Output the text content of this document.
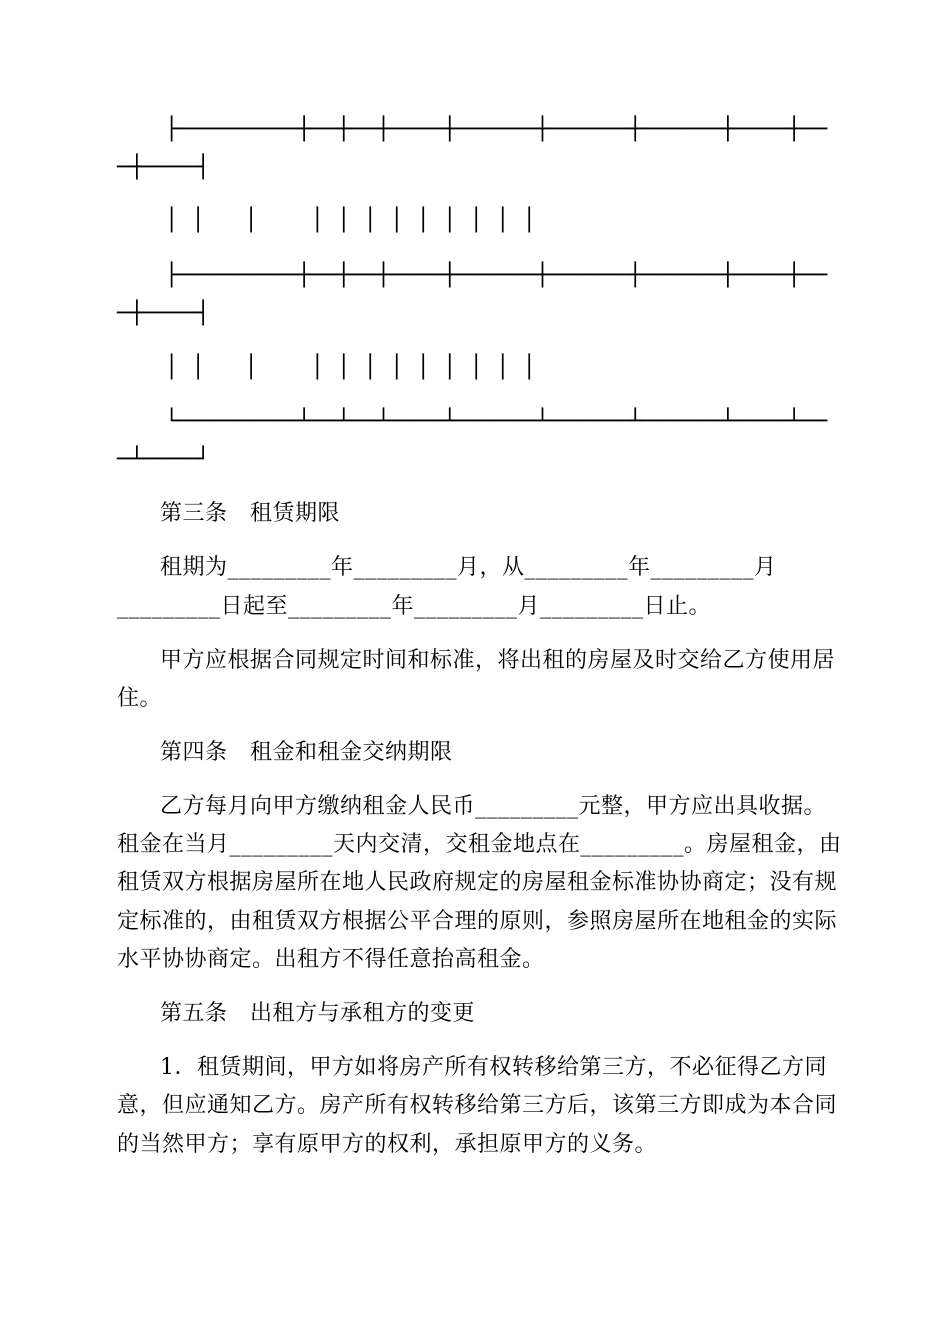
├─────────┼──┼──┼────┼──────┼──────┼──────┼────┼──
─┼────┤
│ │   │    │ │ │ │ │ │ │ │ │
├─────────┼──┼──┼────┼──────┼──────┼──────┼────┼──
─┼────┤
│ │   │    │ │ │ │ │ │ │ │ │
└─────────┴──┴──┴────┴──────┴──────┴──────┴────┴──
─┴────┘
第三条　租赁期限
租期为_________年_________月，从_________年_________月
_________日起至_________年_________月_________日止。
甲方应根据合同规定时间和标准，将出租的房屋及时交给乙方使用居
住。
第四条　租金和租金交纳期限
乙方每月向甲方缴纳租金人民币_________元整，甲方应出具收据。
租金在当月_________天内交清，交租金地点在_________。房屋租金，由
租赁双方根据房屋所在地人民政府规定的房屋租金标准协协商定；没有规
定标准的，由租赁双方根据公平合理的原则，参照房屋所在地租金的实际
水平协协商定。出租方不得任意抬高租金。
第五条　出租方与承租方的变更
1．租赁期间，甲方如将房产所有权转移给第三方，不必征得乙方同
意，但应通知乙方。房产所有权转移给第三方后，该第三方即成为本合同
的当然甲方；享有原甲方的权利，承担原甲方的义务。
